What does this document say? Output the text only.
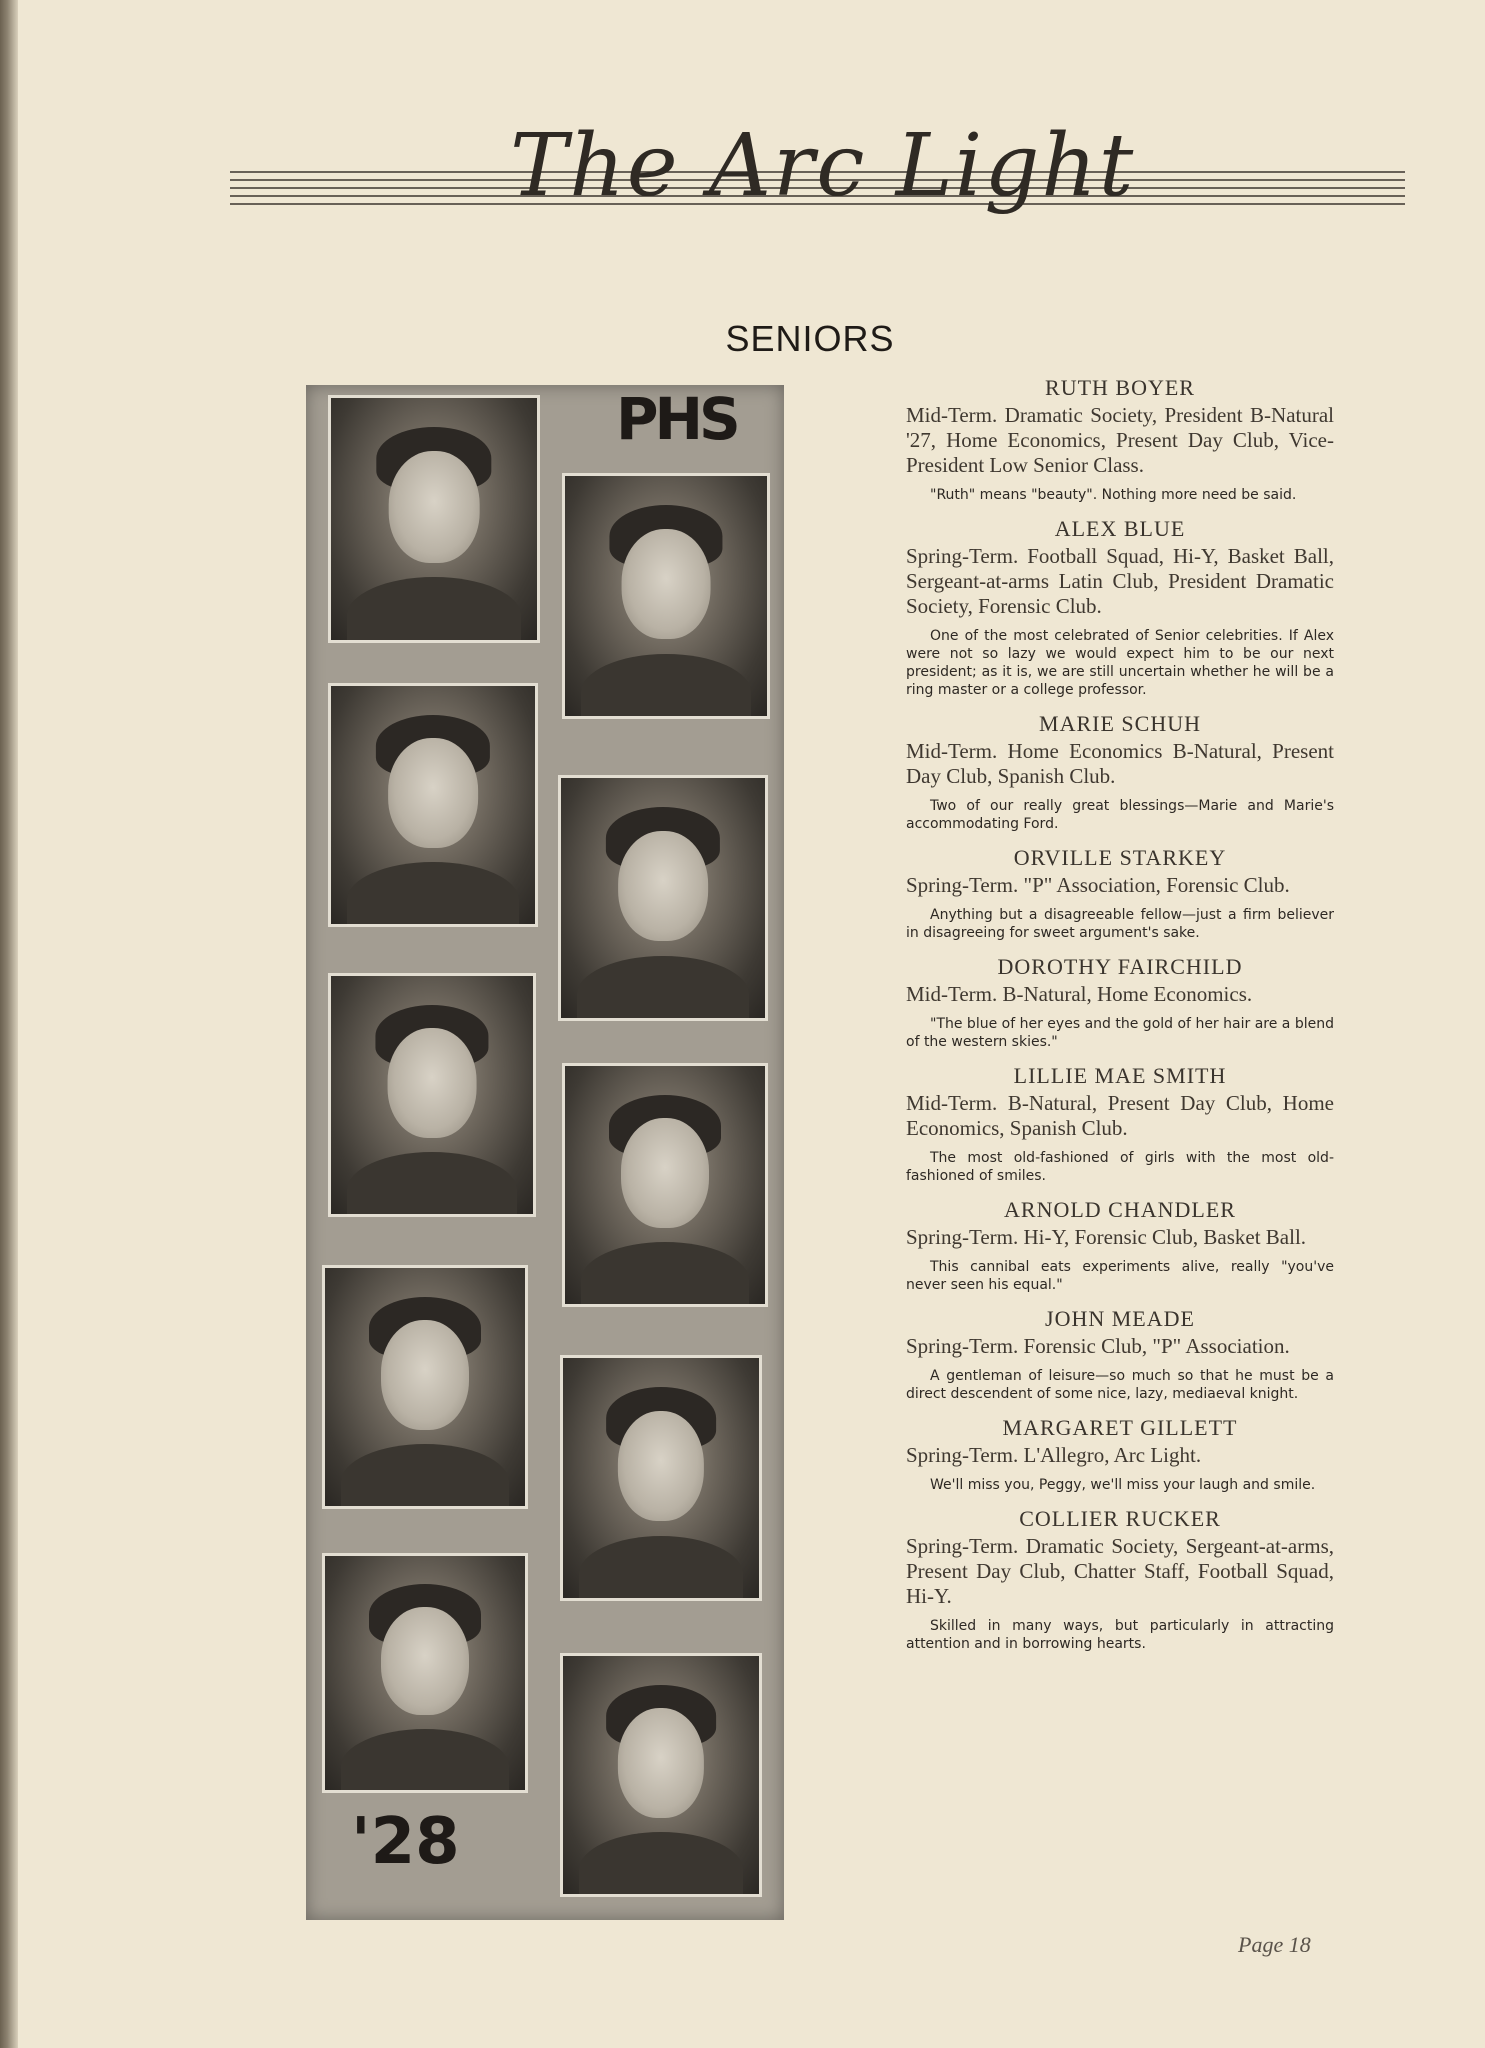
The Arc Light
SENIORS
PHS
'28
RUTH BOYER
Mid-Term. Dramatic Society, President B-Natural '27, Home Economics, Present Day Club, Vice-President Low Senior Class.
"Ruth" means "beauty". Nothing more need be said.
ALEX BLUE
Spring-Term. Football Squad, Hi-Y, Basket Ball, Sergeant-at-arms Latin Club, President Dramatic Society, Forensic Club.
One of the most celebrated of Senior celebrities. If Alex were not so lazy we would expect him to be our next president; as it is, we are still uncertain whether he will be a ring master or a college professor.
MARIE SCHUH
Mid-Term. Home Economics B-Natural, Present Day Club, Spanish Club.
Two of our really great blessings—Marie and Marie's accommodating Ford.
ORVILLE STARKEY
Spring-Term. "P" Association, Forensic Club.
Anything but a disagreeable fellow—just a firm believer in disagreeing for sweet argument's sake.
DOROTHY FAIRCHILD
Mid-Term. B-Natural, Home Economics.
"The blue of her eyes and the gold of her hair are a blend of the western skies."
LILLIE MAE SMITH
Mid-Term. B-Natural, Present Day Club, Home Economics, Spanish Club.
The most old-fashioned of girls with the most old-fashioned of smiles.
ARNOLD CHANDLER
Spring-Term. Hi-Y, Forensic Club, Basket Ball.
This cannibal eats experiments alive, really "you've never seen his equal."
JOHN MEADE
Spring-Term. Forensic Club, "P" Association.
A gentleman of leisure—so much so that he must be a direct descendent of some nice, lazy, mediaeval knight.
MARGARET GILLETT
Spring-Term. L'Allegro, Arc Light.
We'll miss you, Peggy, we'll miss your laugh and smile.
COLLIER RUCKER
Spring-Term. Dramatic Society, Sergeant-at-arms, Present Day Club, Chatter Staff, Football Squad, Hi-Y.
Skilled in many ways, but particularly in attracting attention and in borrowing hearts.
Page 18
